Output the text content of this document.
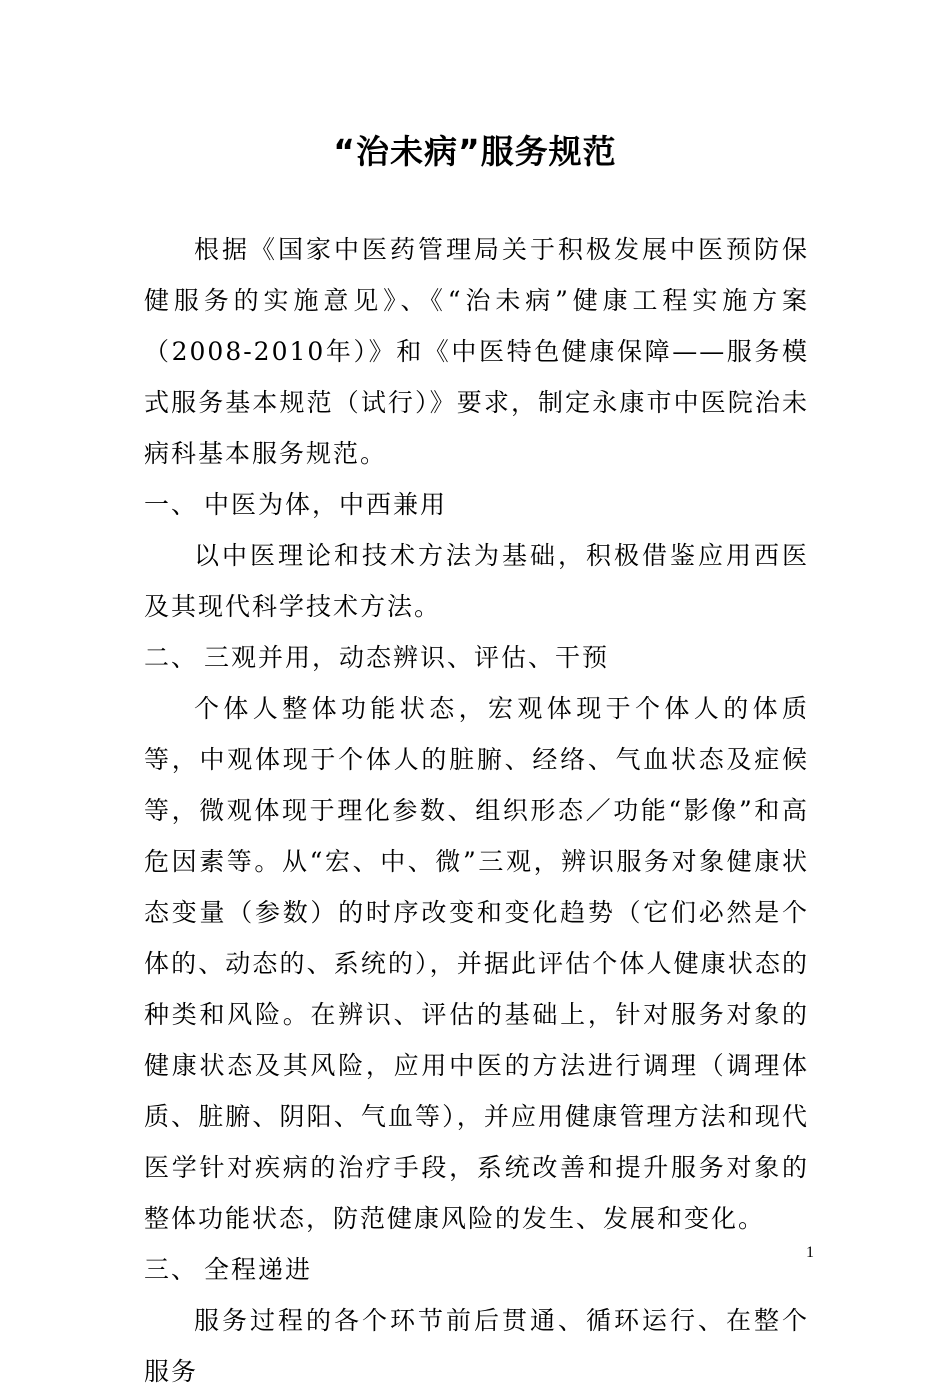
“治未病”服务规范

根据《国家中医药管理局关于积极发展中医预防保健服务的实施意见》、《“治未病”健康工程实施方案（2008-2010年）》和《中医特色健康保障——服务模式服务基本规范（试行）》要求，制定永康市中医院治未病科基本服务规范。

一、 中医为体，中西兼用

以中医理论和技术方法为基础，积极借鉴应用西医及其现代科学技术方法。

二、 三观并用，动态辨识、评估、干预

个体人整体功能状态，宏观体现于个体人的体质等，中观体现于个体人的脏腑、经络、气血状态及症候等，微观体现于理化参数、组织形态／功能“影像”和高危因素等。从“宏、中、微”三观，辨识服务对象健康状态变量（参数）的时序改变和变化趋势（它们必然是个体的、动态的、系统的），并据此评估个体人健康状态的种类和风险。在辨识、评估的基础上，针对服务对象的健康状态及其风险，应用中医的方法进行调理（调理体质、脏腑、阴阳、气血等），并应用健康管理方法和现代医学针对疾病的治疗手段，系统改善和提升服务对象的整体功能状态，防范健康风险的发生、发展和变化。

三、 全程递进

服务过程的各个环节前后贯通、循环运行、在整个服务

1
